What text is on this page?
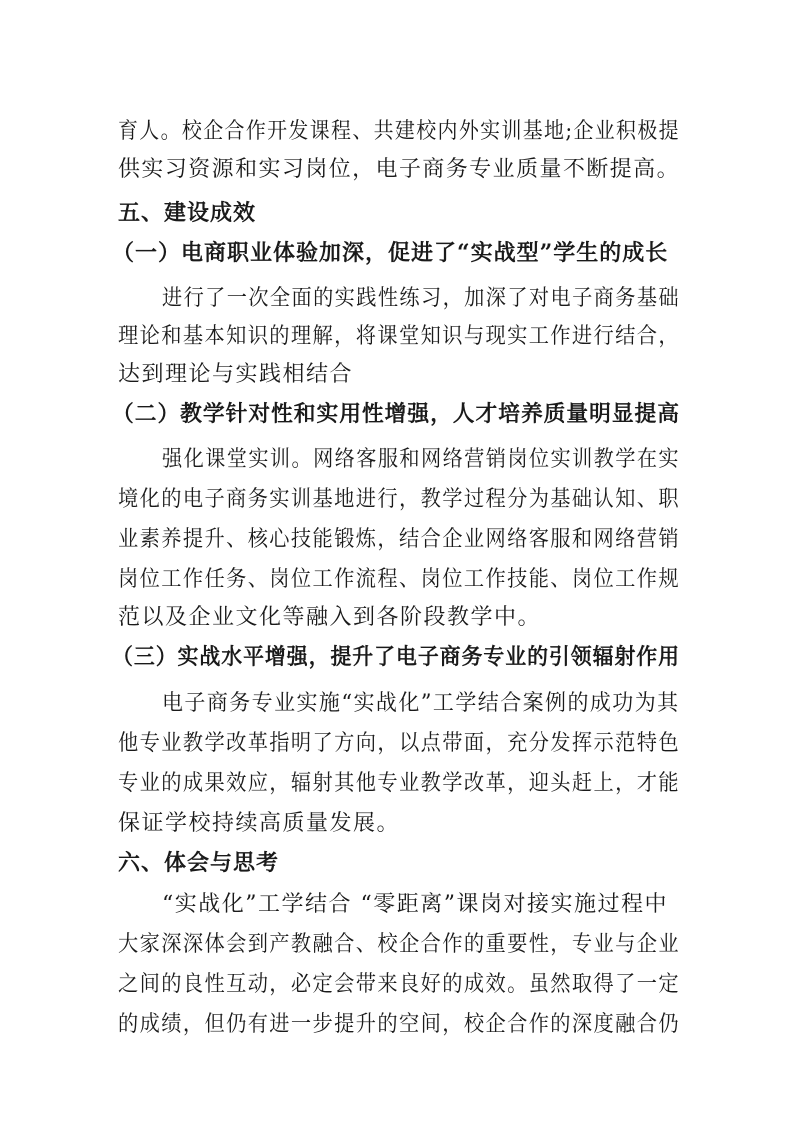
育人。校企合作开发课程、共建校内外实训基地;企业积极提
供实习资源和实习岗位，电子商务专业质量不断提高。
五、建设成效
（一）电商职业体验加深，促进了“实战型”学生的成长
进行了一次全面的实践性练习，加深了对电子商务基础
理论和基本知识的理解，将课堂知识与现实工作进行结合，
达到理论与实践相结合
（二）教学针对性和实用性增强，人才培养质量明显提高
强化课堂实训。网络客服和网络营销岗位实训教学在实
境化的电子商务实训基地进行，教学过程分为基础认知、职
业素养提升、核心技能锻炼，结合企业网络客服和网络营销
岗位工作任务、岗位工作流程、岗位工作技能、岗位工作规
范以及企业文化等融入到各阶段教学中。
（三）实战水平增强，提升了电子商务专业的引领辐射作用
电子商务专业实施“实战化”工学结合案例的成功为其
他专业教学改革指明了方向，以点带面，充分发挥示范特色
专业的成果效应，辐射其他专业教学改革，迎头赶上，才能
保证学校持续高质量发展。
六、体会与思考
“实战化”工学结合 “零距离”课岗对接实施过程中
大家深深体会到产教融合、校企合作的重要性，专业与企业
之间的良性互动，必定会带来良好的成效。虽然取得了一定
的成绩，但仍有进一步提升的空间，校企合作的深度融合仍
